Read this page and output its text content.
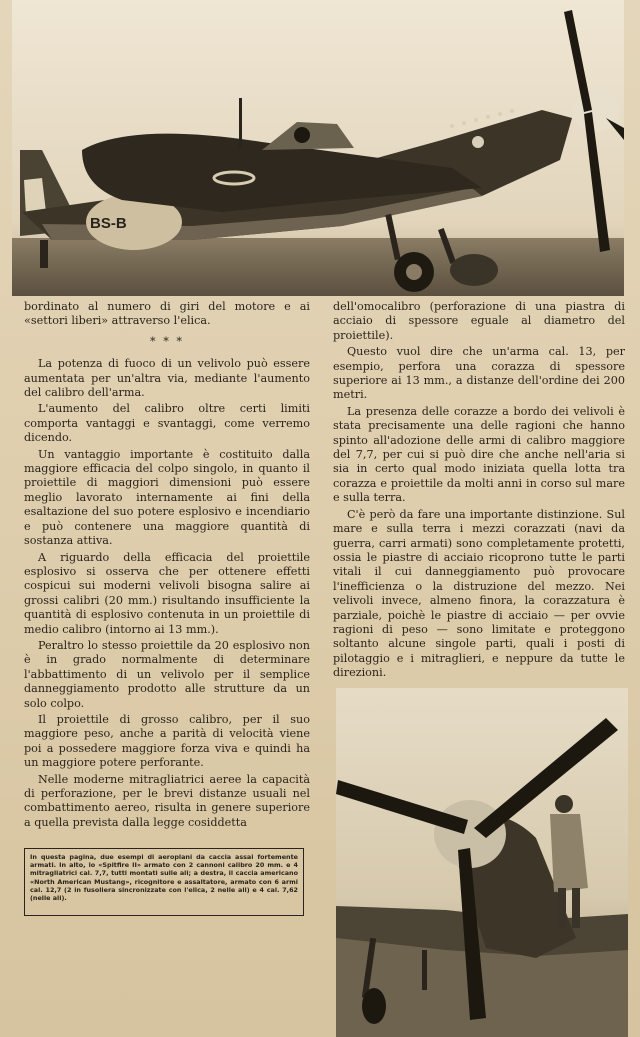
BS-B

bordinato al numero di giri del motore e ai «settori liberi» attraverso l'elica.

* * *

La potenza di fuoco di un velivolo può essere aumentata per un'altra via, mediante l'aumento del calibro dell'arma.

L'aumento del calibro oltre certi limiti comporta vantaggi e svantaggi, come verremo dicendo.

Un vantaggio importante è costituito dalla maggiore efficacia del colpo singolo, in quanto il proiettile di maggiori dimensioni può essere meglio lavorato internamente ai fini della esaltazione del suo potere esplosivo e incendiario e può contenere una maggiore quantità di sostanza attiva.

A riguardo della efficacia del proiettile esplosivo si osserva che per ottenere effetti cospicui sui moderni velivoli bisogna salire ai grossi calibri (20 mm.) risultando insufficiente la quantità di esplosivo contenuta in un proiettile di medio calibro (intorno ai 13 mm.).

Peraltro lo stesso proiettile da 20 esplosivo non è in grado normalmente di determinare l'abbattimento di un velivolo per il semplice danneggiamento prodotto alle strutture da un solo colpo.

Il proiettile di grosso calibro, per il suo maggiore peso, anche a parità di velocità viene poi a possedere maggiore forza viva e quindi ha un maggiore potere perforante.

Nelle moderne mitragliatrici aeree la capacità di perforazione, per le brevi distanze usuali nel combattimento aereo, risulta in genere superiore a quella prevista dalla legge cosiddetta

dell'omocalibro (perforazione di una piastra di acciaio di spessore eguale al diametro del proiettile).

Questo vuol dire che un'arma cal. 13, per esempio, perfora una corazza di spessore superiore ai 13 mm., a distanze dell'ordine dei 200 metri.

La presenza delle corazze a bordo dei velivoli è stata precisamente una delle ragioni che hanno spinto all'adozione delle armi di calibro maggiore del 7,7, per cui si può dire che anche nell'aria si sia in certo qual modo iniziata quella lotta tra corazza e proiettile da molti anni in corso sul mare e sulla terra.

C'è però da fare una importante distinzione. Sul mare e sulla terra i mezzi corazzati (navi da guerra, carri armati) sono completamente protetti, ossia le piastre di acciaio ricoprono tutte le parti vitali il cui danneggiamento può provocare l'inefficienza o la distruzione del mezzo. Nei velivoli invece, almeno finora, la corazzatura è parziale, poichè le piastre di acciaio — per ovvie ragioni di peso — sono limitate e proteggono soltanto alcune singole parti, quali i posti di pilotaggio e i mitraglieri, e neppure da tutte le direzioni.

In questa pagina, due esempi di aeroplani da caccia assai fortemente armati. In alto, lo «Spitfire II» armato con 2 cannoni calibro 20 mm. e 4 mitragliatrici cal. 7,7, tutti montati sulle ali; a destra, il caccia americano «North American Mustang», ricognitore e assaltatore, armato con 6 armi cal. 12,7 (2 in fusoliera sincronizzate con l'elica, 2 nelle ali) e 4 cal. 7,62 (nelle ali).
